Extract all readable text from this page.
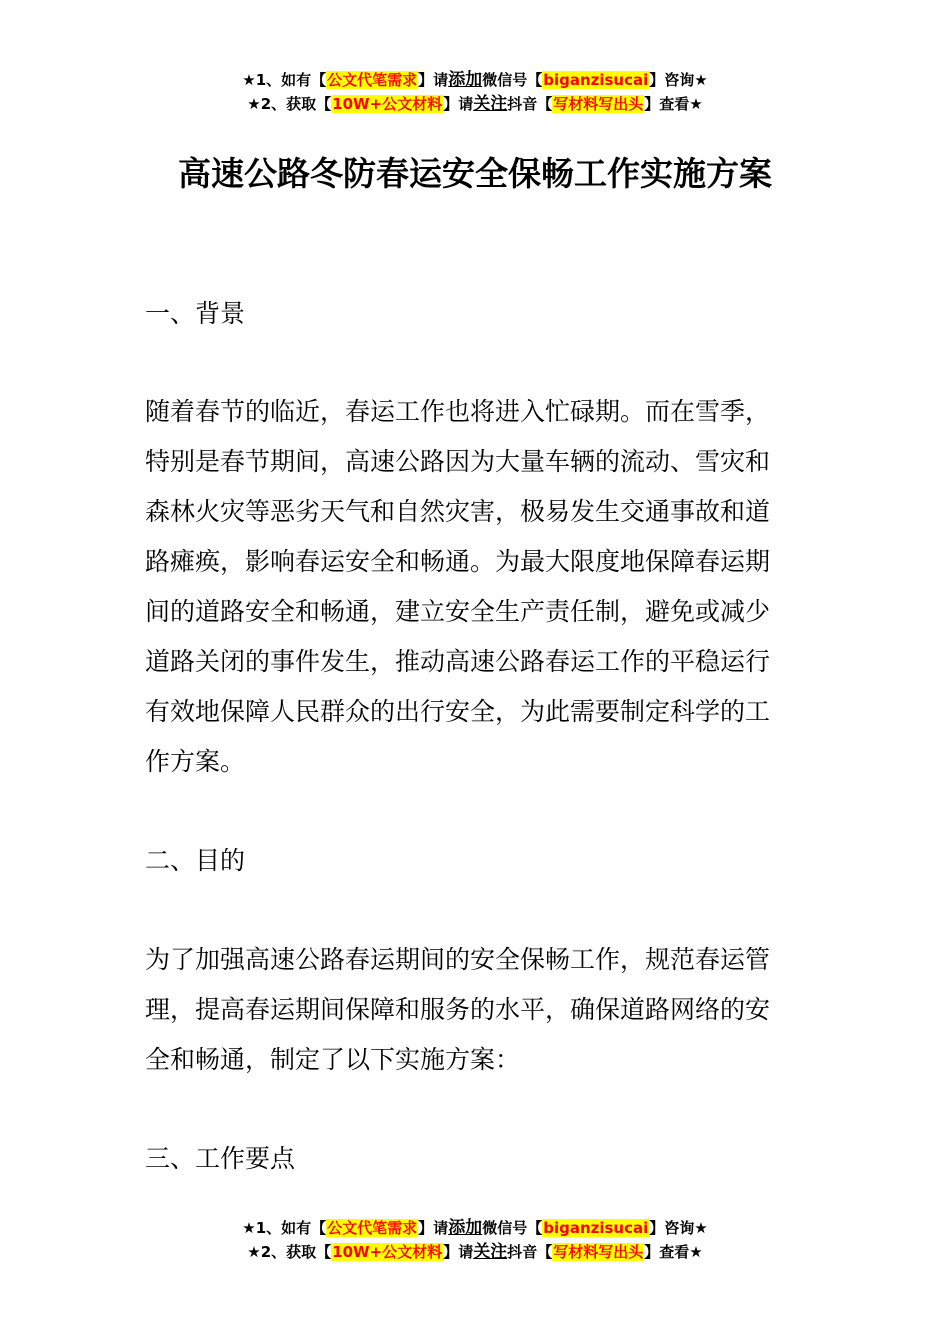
★1、如有【公文代笔需求】请添加微信号【biganzisucai】咨询★
★2、获取【10W+公文材料】请关注抖音【写材料写出头】查看★
高速公路冬防春运安全保畅工作实施方案
一、背景
随着春节的临近，春运工作也将进入忙碌期。而在雪季，
特别是春节期间，高速公路因为大量车辆的流动、雪灾和
森林火灾等恶劣天气和自然灾害，极易发生交通事故和道
路瘫痪，影响春运安全和畅通。为最大限度地保障春运期
间的道路安全和畅通，建立安全生产责任制，避免或减少
道路关闭的事件发生，推动高速公路春运工作的平稳运行
有效地保障人民群众的出行安全，为此需要制定科学的工
作方案。
二、目的
为了加强高速公路春运期间的安全保畅工作，规范春运管
理，提高春运期间保障和服务的水平，确保道路网络的安
全和畅通，制定了以下实施方案：
三、工作要点
★1、如有【公文代笔需求】请添加微信号【biganzisucai】咨询★
★2、获取【10W+公文材料】请关注抖音【写材料写出头】查看★
